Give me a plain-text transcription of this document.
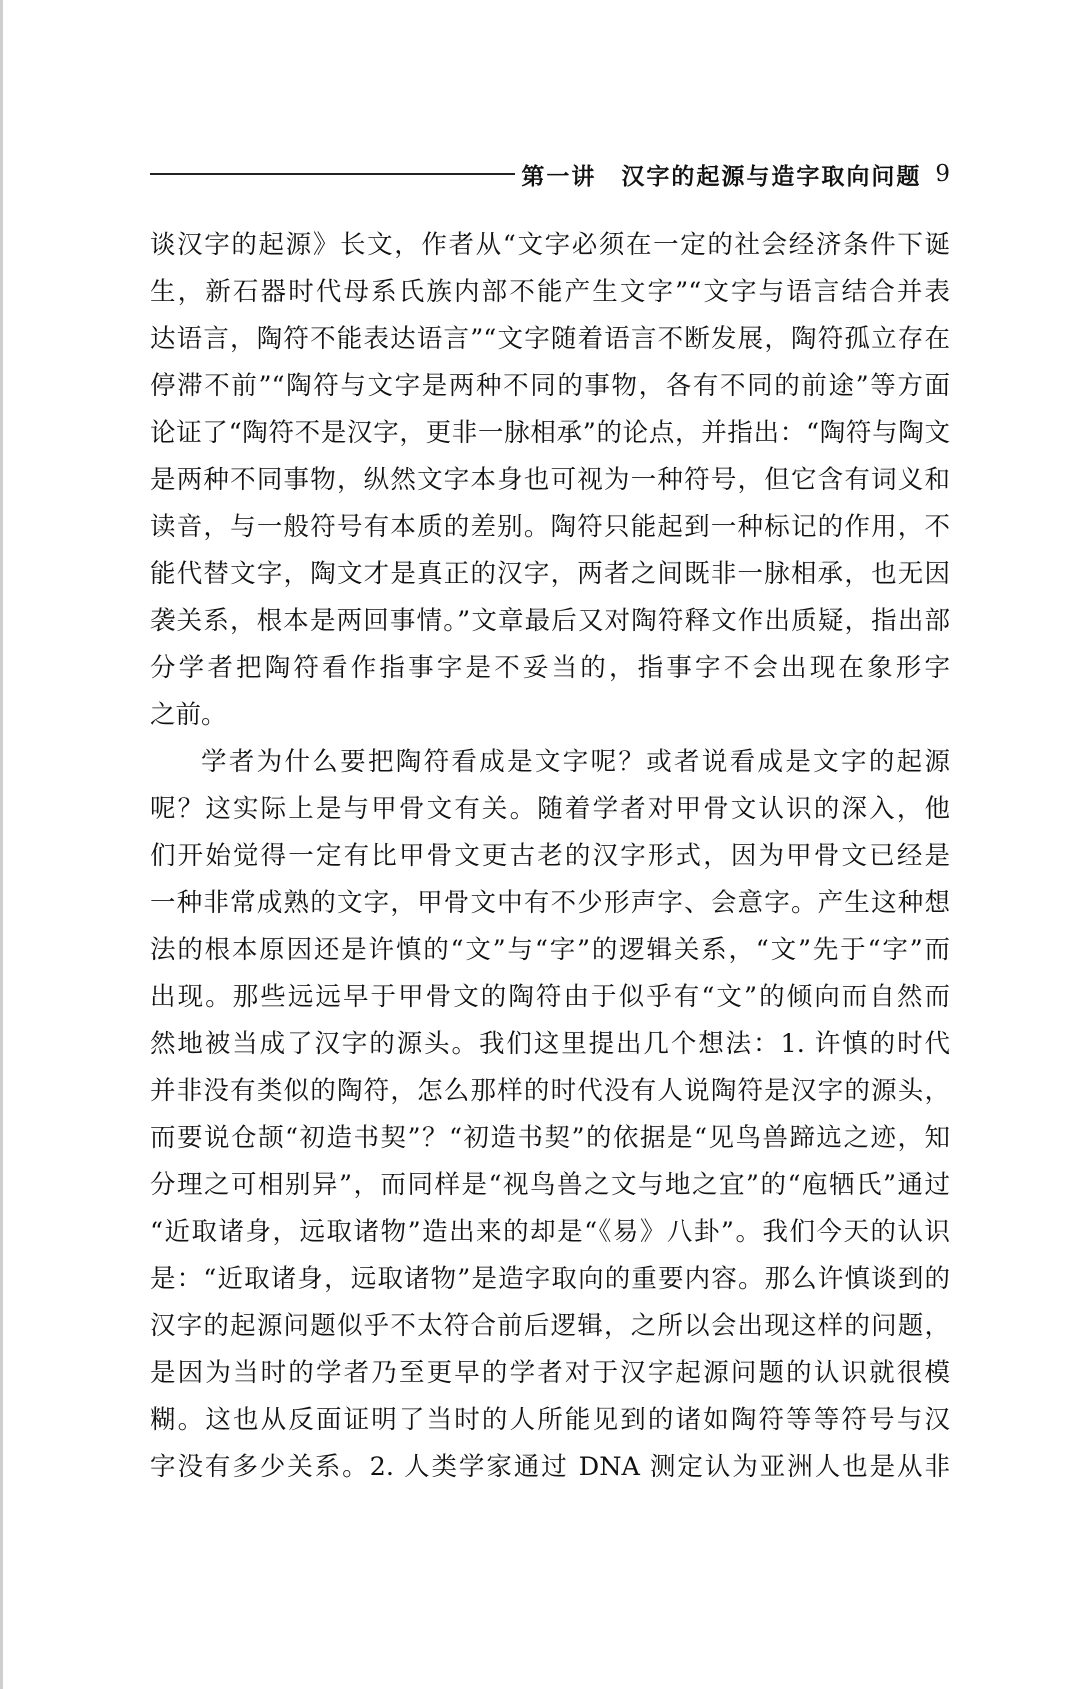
第一讲　汉字的起源与造字取向问题 9
谈汉字的起源》长文，作者从“文字必须在一定的社会经济条件下诞
生，新石器时代母系氏族内部不能产生文字”“文字与语言结合并表
达语言，陶符不能表达语言”“文字随着语言不断发展，陶符孤立存在
停滞不前”“陶符与文字是两种不同的事物，各有不同的前途”等方面
论证了“陶符不是汉字，更非一脉相承”的论点，并指出：“陶符与陶文
是两种不同事物，纵然文字本身也可视为一种符号，但它含有词义和
读音，与一般符号有本质的差别。陶符只能起到一种标记的作用，不
能代替文字，陶文才是真正的汉字，两者之间既非一脉相承，也无因
袭关系，根本是两回事情。”文章最后又对陶符释文作出质疑，指出部
分学者把陶符看作指事字是不妥当的，指事字不会出现在象形字
之前。
学者为什么要把陶符看成是文字呢？或者说看成是文字的起源
呢？这实际上是与甲骨文有关。随着学者对甲骨文认识的深入，他
们开始觉得一定有比甲骨文更古老的汉字形式，因为甲骨文已经是
一种非常成熟的文字，甲骨文中有不少形声字、会意字。产生这种想
法的根本原因还是许慎的“文”与“字”的逻辑关系，“文”先于“字”而
出现。那些远远早于甲骨文的陶符由于似乎有“文”的倾向而自然而
然地被当成了汉字的源头。我们这里提出几个想法：1. 许慎的时代
并非没有类似的陶符，怎么那样的时代没有人说陶符是汉字的源头，
而要说仓颉“初造书契”？“初造书契”的依据是“见鸟兽蹄迒之迹，知
分理之可相别异”，而同样是“视鸟兽之文与地之宜”的“庖牺氏”通过
“近取诸身，远取诸物”造出来的却是“《易》八卦”。我们今天的认识
是：“近取诸身，远取诸物”是造字取向的重要内容。那么许慎谈到的
汉字的起源问题似乎不太符合前后逻辑，之所以会出现这样的问题，
是因为当时的学者乃至更早的学者对于汉字起源问题的认识就很模
糊。这也从反面证明了当时的人所能见到的诸如陶符等等符号与汉
字没有多少关系。2. 人类学家通过 DNA 测定认为亚洲人也是从非
